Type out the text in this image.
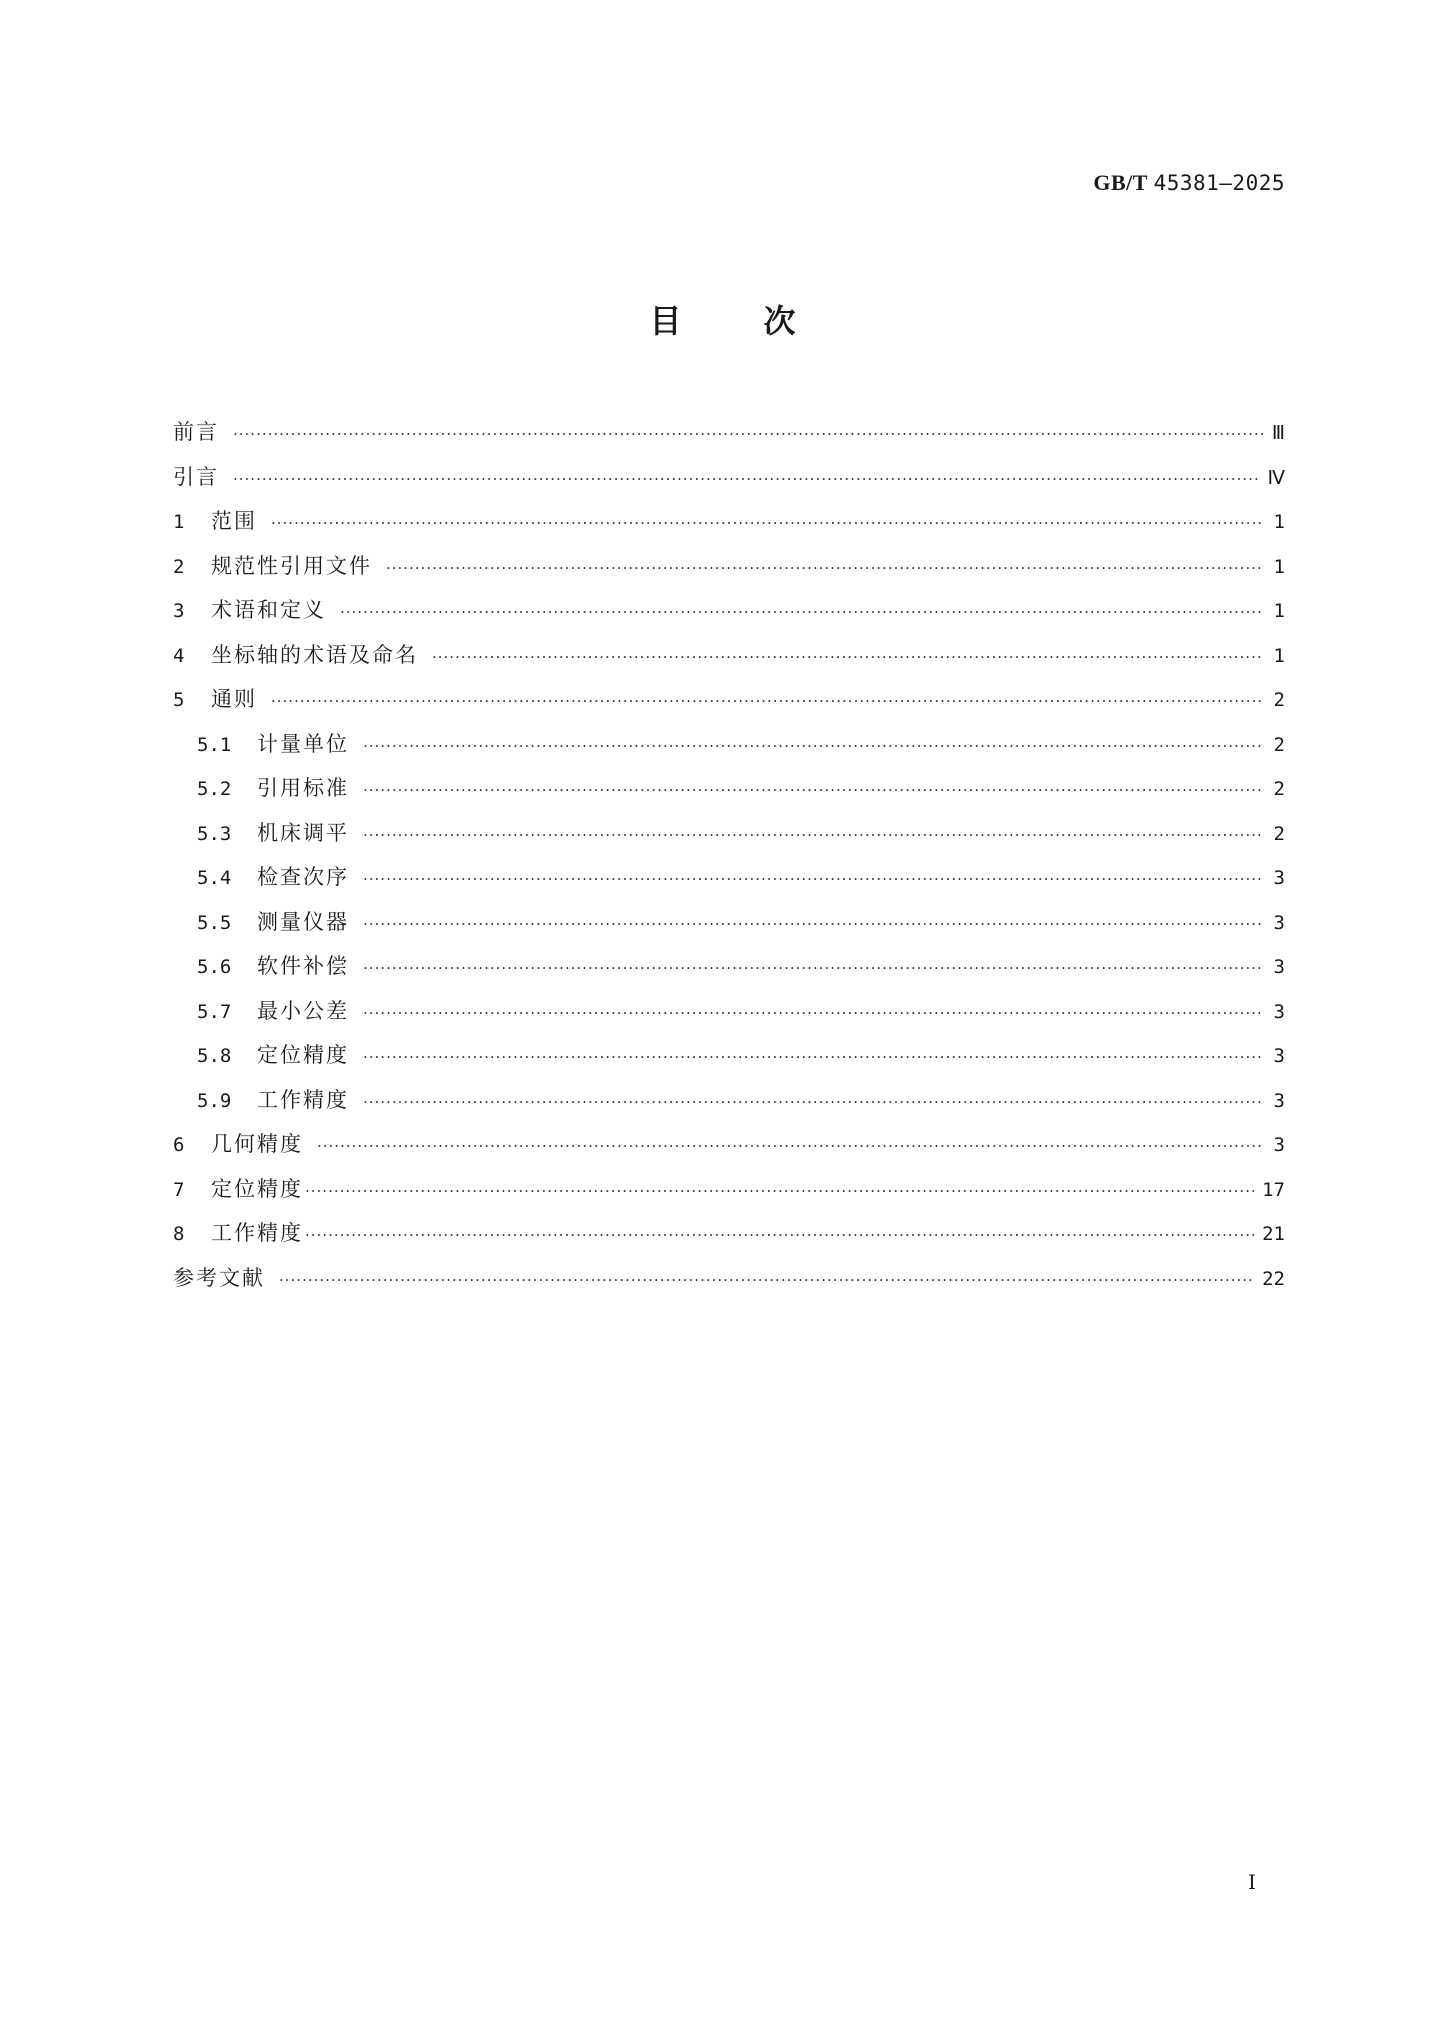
GB/T 45381—2025
目	次
前言 ·····	Ⅲ
引言 ·····	Ⅳ
1	范围 ·····	1
2	规范性引用文件 ·····	1
3	术语和定义 ·····	1
4	坐标轴的术语及命名 ·····	1
5	通则 ·····	2
5.1	计量单位 ·····	2
5.2	引用标准 ·····	2
5.3	机床调平 ·····	2
5.4	检查次序 ·····	3
5.5	测量仪器 ·····	3
5.6	软件补偿 ·····	3
5.7	最小公差 ·····	3
5.8	定位精度 ·····	3
5.9	工作精度 ·····	3
6	几何精度 ·····	3
7	定位精度 ·····	17
8	工作精度 ·····	21
参考文献 ·····	22
Ⅰ
